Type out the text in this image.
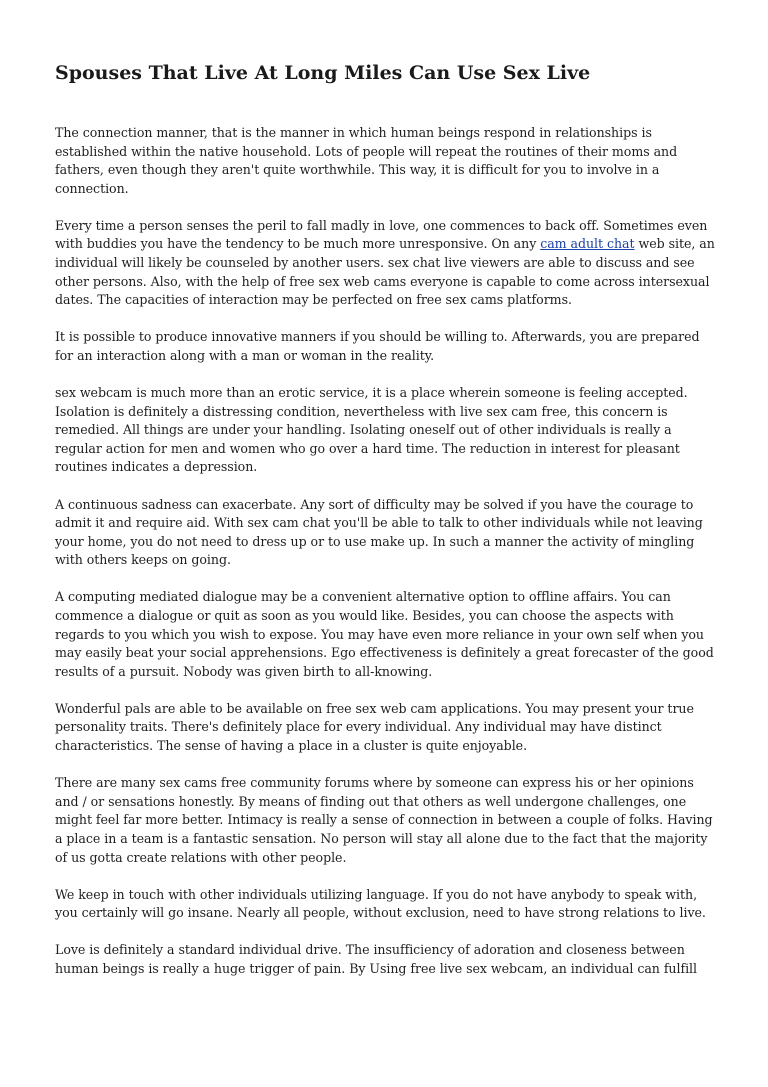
Spouses That Live At Long Miles Can Use Sex Live

The connection manner, that is the manner in which human beings respond in relationships is established within the native household. Lots of people will repeat the routines of their moms and fathers, even though they aren't quite worthwhile. This way, it is difficult for you to involve in a connection.

Every time a person senses the peril to fall madly in love, one commences to back off. Sometimes even with buddies you have the tendency to be much more unresponsive. On any cam adult chat web site, an individual will likely be counseled by another users. sex chat live viewers are able to discuss and see other persons. Also, with the help of free sex web cams everyone is capable to come across intersexual dates. The capacities of interaction may be perfected on free sex cams platforms.

It is possible to produce innovative manners if you should be willing to. Afterwards, you are prepared for an interaction along with a man or woman in the reality.

sex webcam is much more than an erotic service, it is a place wherein someone is feeling accepted. Isolation is definitely a distressing condition, nevertheless with live sex cam free, this concern is remedied. All things are under your handling. Isolating oneself out of other individuals is really a regular action for men and women who go over a hard time. The reduction in interest for pleasant routines indicates a depression.

A continuous sadness can exacerbate. Any sort of difficulty may be solved if you have the courage to admit it and require aid. With sex cam chat you'll be able to talk to other individuals while not leaving your home, you do not need to dress up or to use make up. In such a manner the activity of mingling with others keeps on going.

A computing mediated dialogue may be a convenient alternative option to offline affairs. You can commence a dialogue or quit as soon as you would like. Besides, you can choose the aspects with regards to you which you wish to expose. You may have even more reliance in your own self when you may easily beat your social apprehensions. Ego effectiveness is definitely a great forecaster of the good results of a pursuit. Nobody was given birth to all-knowing.

Wonderful pals are able to be available on free sex web cam applications. You may present your true personality traits. There's definitely place for every individual. Any individual may have distinct characteristics. The sense of having a place in a cluster is quite enjoyable.

There are many sex cams free community forums where by someone can express his or her opinions and / or sensations honestly. By means of finding out that others as well undergone challenges, one might feel far more better. Intimacy is really a sense of connection in between a couple of folks. Having a place in a team is a fantastic sensation. No person will stay all alone due to the fact that the majority of us gotta create relations with other people.

We keep in touch with other individuals utilizing language. If you do not have anybody to speak with, you certainly will go insane. Nearly all people, without exclusion, need to have strong relations to live.

Love is definitely a standard individual drive. The insufficiency of adoration and closeness between human beings is really a huge trigger of pain. By Using free live sex webcam, an individual can fulfill
